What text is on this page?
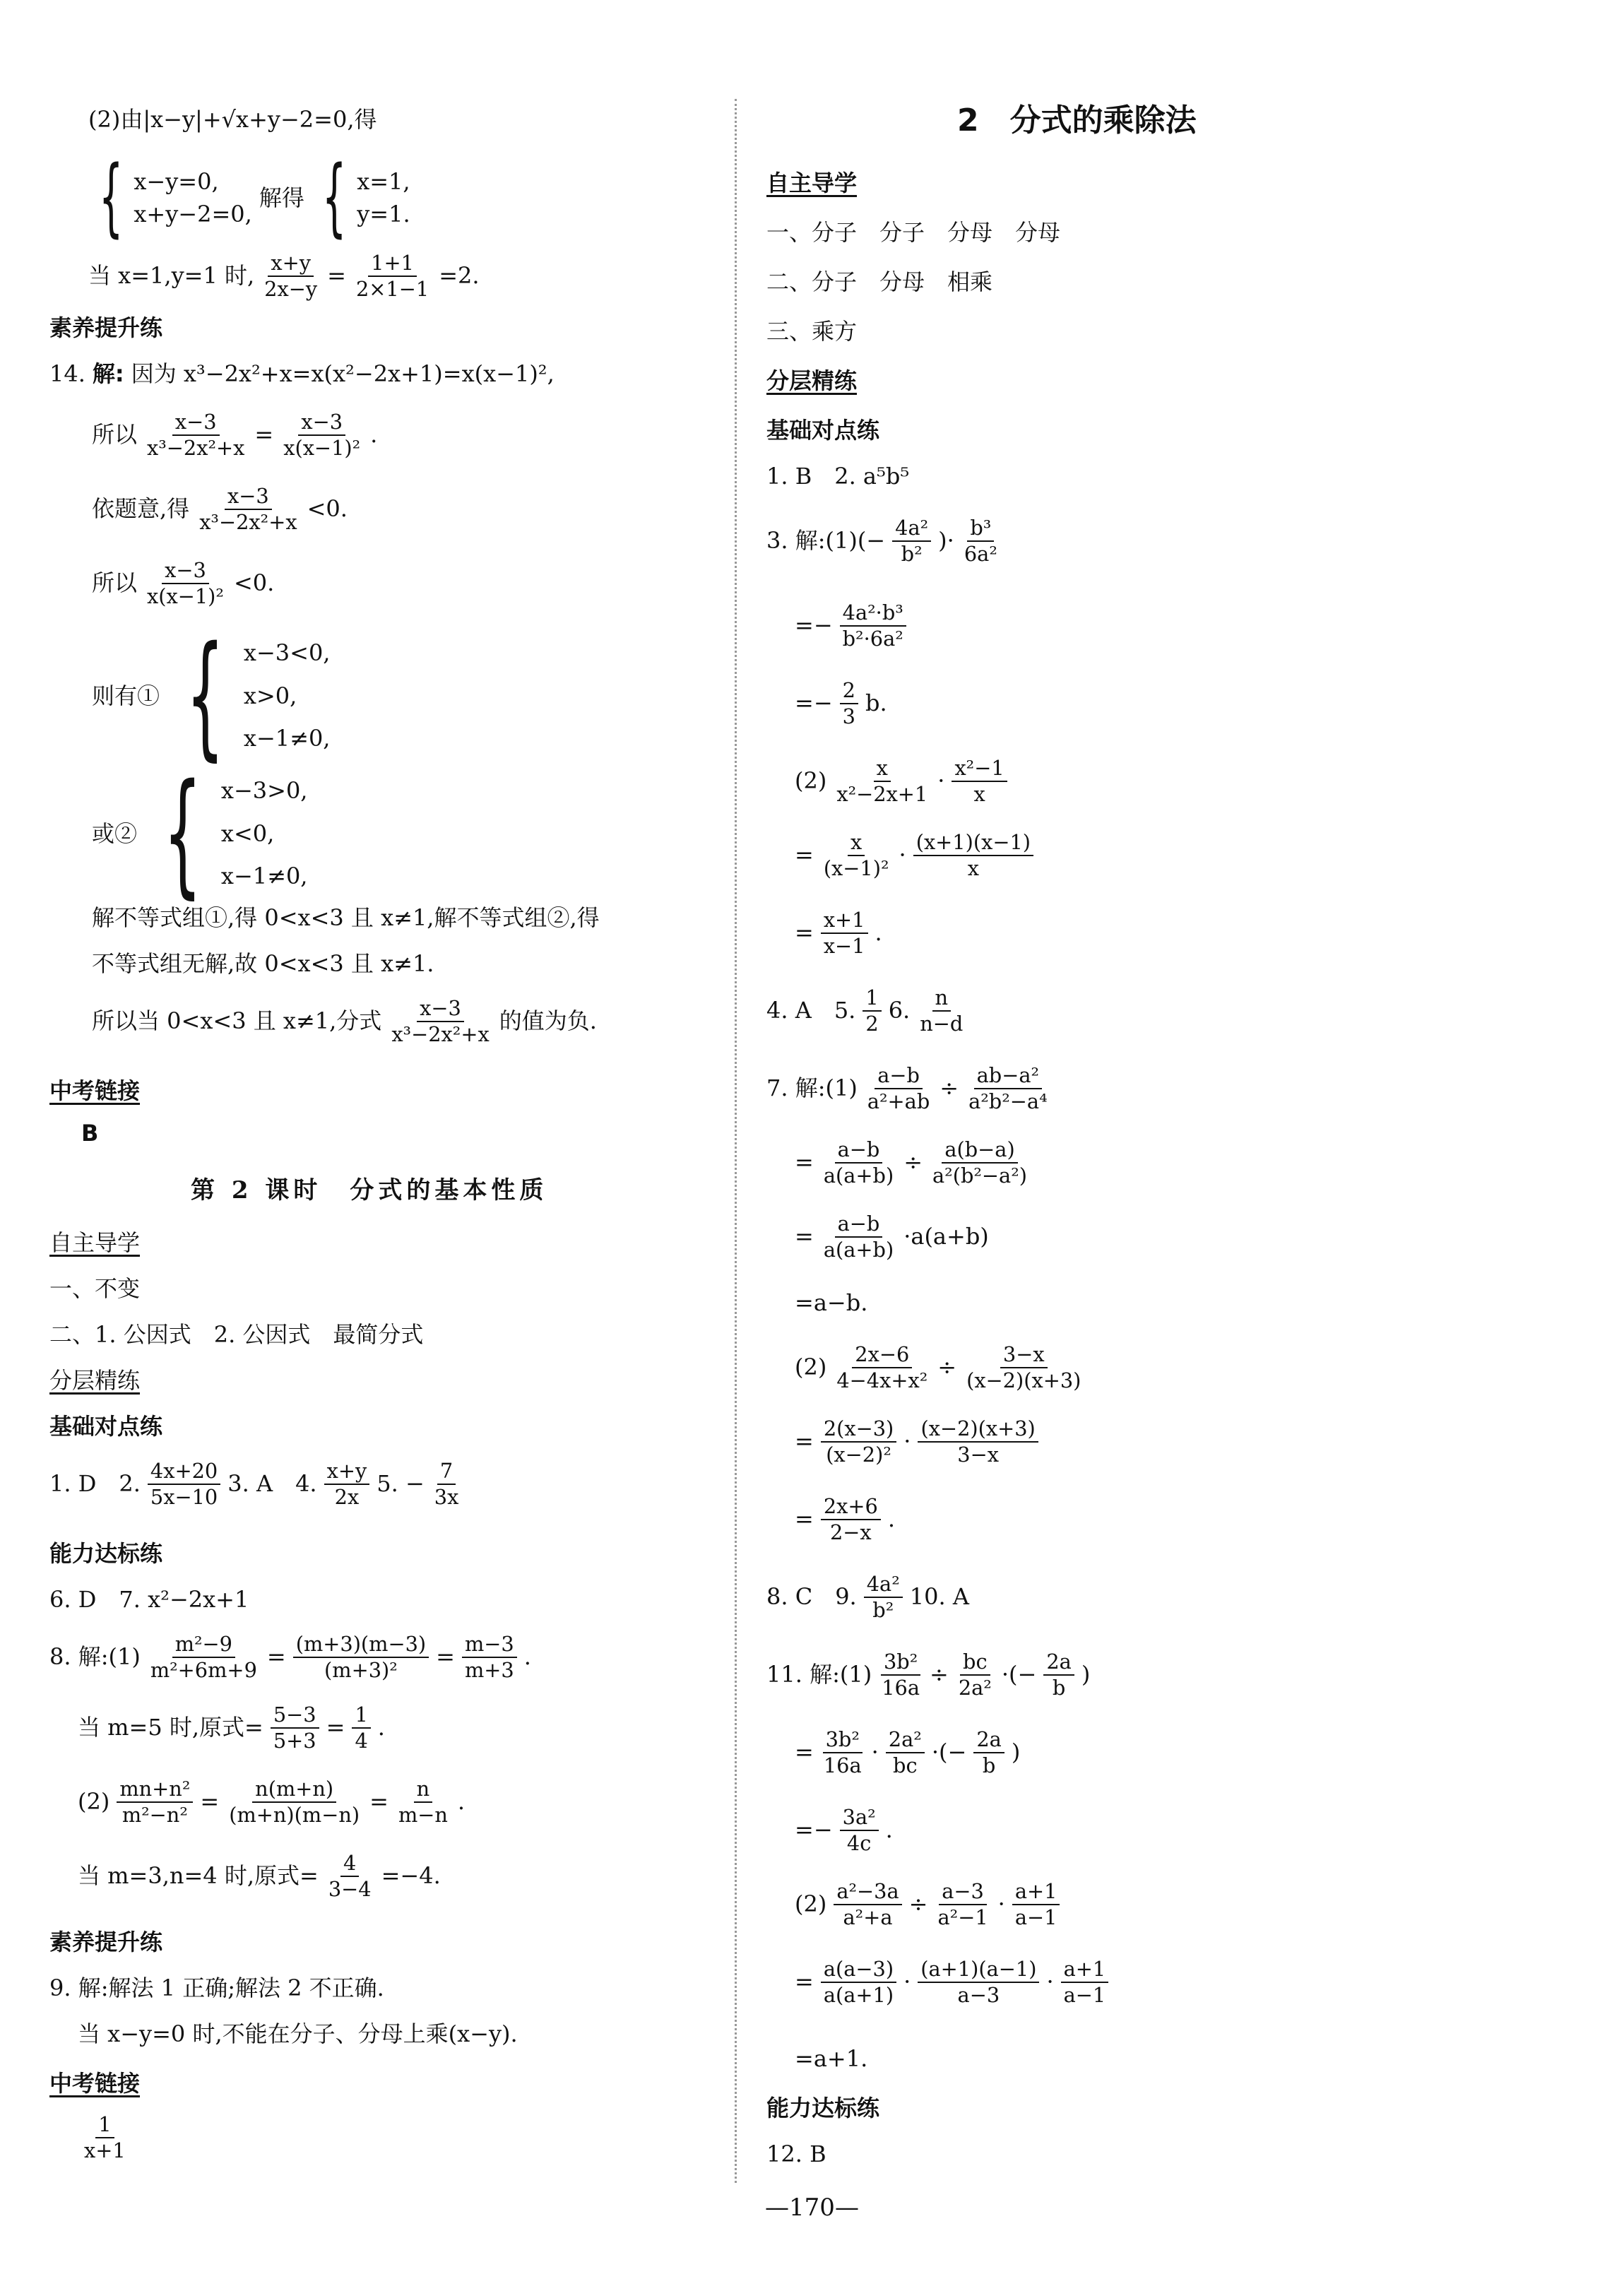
(2)由|x−y|+√x+y−2=0,得
{ x−y=0,
x+y−2=0,
解得 { x=1,
y=1.
当 x=1,y=1 时, $\frac{x+y}{2x-y} = \frac{1+1}{2\times 1-1} =2$.
素养提升练
14. 解: 因为 x³−2x²+x=x(x²−2x+1)=x(x−1)²,
所以 $\frac{x-3}{\text{x³−2x²+x}} = \frac{x-3}{\text{x(x−1)²}}$ .
依题意,得 $\frac{x-3}{\text{x³−2x²+x}} <0$.
所以 $\frac{x-3}{\text{x(x−1)²}} <0$.
则有① { x−3<0,
x>0,
x−1≠0,
或② { x−3>0,
x<0,
x−1≠0,
解不等式组①,得 0<x<3 且 x≠1,解不等式组②,得
不等式组无解,故 0<x<3 且 x≠1.
所以当 0<x<3 且 x≠1,分式 $\frac{x-3}{\text{x³−2x²+x}}$ 的值为负.
中考链接
B
第 2 课时　分式的基本性质
自主导学
一、不变
二、1. 公因式　2. 公因式　最简分式
分层精练
基础对点练
1. D　2. $\frac{4x+20}{5x-10} 3$. A　4. $\frac{x+y}{2x} 5$. − $\frac{7}{3x}$
能力达标练
6. D　7. x²−2x+1
8. 解:(1) $\frac{\text{m²−9}}{\text{m²+6m+9}} = \frac{(m+3)(m-3)}{\text{(m+3)²}} = \frac{m-3}{m+3}$ .
当 m=5 时,原式= $\frac{5-3}{5+3} = \frac{1}{4}$ .
$(2) \frac{\text{mn+n²}}{\text{m²−n²}} = \frac{n(m+n)}{(m+n)(m-n)} = \frac{n}{m-n}$ .
当 m=3,n=4 时,原式= $\frac{4}{3-4} =-4$.
素养提升练
9. 解:解法 1 正确;解法 2 不正确.
当 x−y=0 时,不能在分子、分母上乘(x−y).
中考链接
$\frac{1}{x+1}$
2　分式的乘除法
自主导学
一、分子　分子　分母　分母
二、分子　分母　相乘
三、乘方
分层精练
基础对点练
1. B　2. a⁵b⁵
3. 解:(1)(− $\frac{\text{4a²}}{\text{b²}}$ )· $\frac{\text{b³}}{\text{6a²}}$
=− $\frac{\text{4a²·b³}}{\text{b²·6a²}}$
=− $\frac{2}{3} b$.
$(2) \frac{x}{\text{x²−2x+1}} \cdot \frac{\text{x²−1}}{x}$
= $\frac{x}{\text{(x−1)²}} \cdot \frac{(x+1)(x-1)}{x}$
= $\frac{x+1}{x-1}$ .
4. A　5. $\frac{1}{2} 6$. $\frac{n}{n-d}$
7. 解:(1) $\frac{a-b}{\text{a²+ab}} \div \frac{\text{ab−a²}}{\text{a²b²−a⁴}}$
= $\frac{a-b}{a(a+b)} \div \frac{a(b-a)}{\text{a²(b²−a²)}}$
= $\frac{a-b}{a(a+b)} \cdot a(a+b)$
=a−b.
$(2) \frac{2x-6}{\text{4−4x+x²}} \div \frac{3-x}{(x-2)(x+3)}$
= $\frac{2(x-3)}{\text{(x−2)²}} \cdot \frac{(x-2)(x+3)}{3-x}$
= $\frac{2x+6}{2-x}$ .
8. C　9. $\frac{\text{4a²}}{\text{b²}} 10$. A
11. 解:(1) $\frac{\text{3b²}}{16a} \div \frac{bc}{\text{2a²}}$ ·(− $\frac{2a}{b}$ )
= $\frac{\text{3b²}}{16a} \cdot \frac{\text{2a²}}{bc}$ ·(− $\frac{2a}{b}$ )
=− $\frac{\text{3a²}}{4c}$ .
$(2) \frac{\text{a²−3a}}{\text{a²+a}} \div \frac{a-3}{\text{a²−1}} \cdot \frac{a+1}{a-1}$
= $\frac{a(a-3)}{a(a+1)} \cdot \frac{(a+1)(a-1)}{a-3} \cdot \frac{a+1}{a-1}$
=a+1.
能力达标练
12. B
—170—
